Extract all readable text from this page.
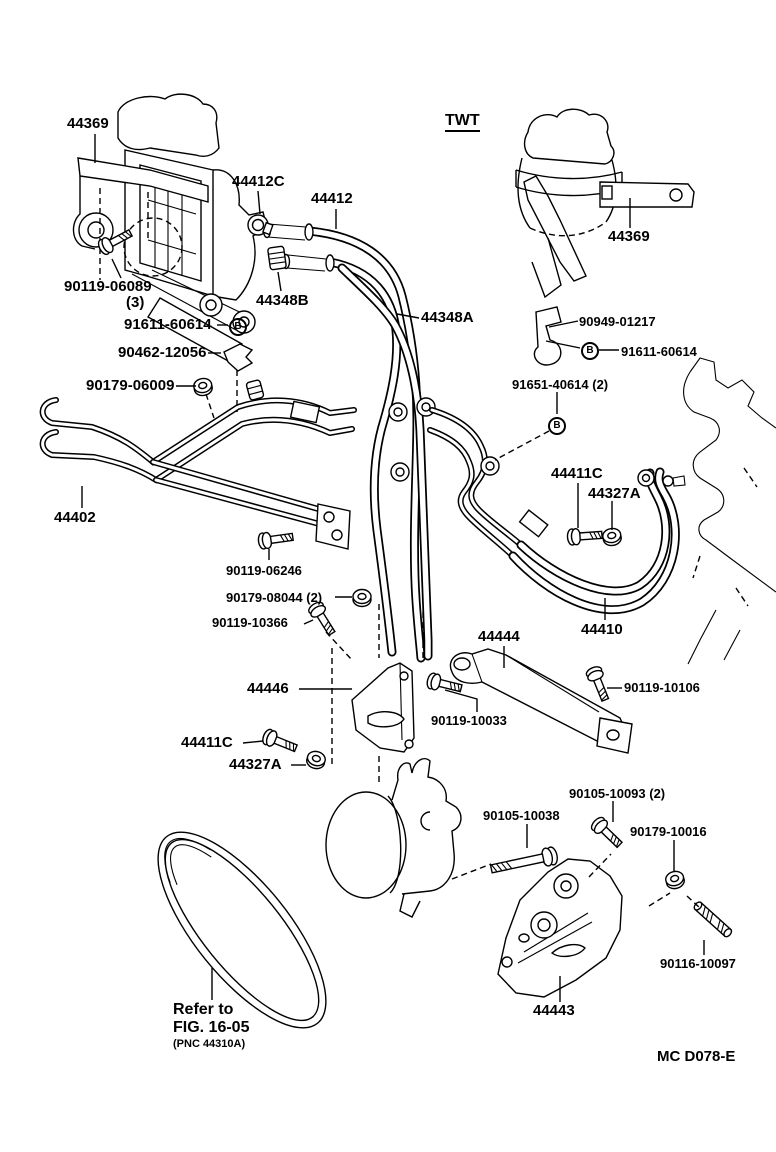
44369
44412C
44412
90119-06089
(3)
91611-60614	B
90462-12056
90179-06009
44402
TWT
44369
90949-01217
B	91611-60614
91651-40614 (2)
B
44348A
44348B
44411C
44327A
44410
90119-06246
90179-08044 (2)
90119-10366
44444
44446
90119-10033
90119-10106
44411C
44327A
90105-10093 (2)
90105-10038
90179-10016
90116-10097
44443
Refer to
FIG. 16-05
(PNC 44310A)
MC D078-E
